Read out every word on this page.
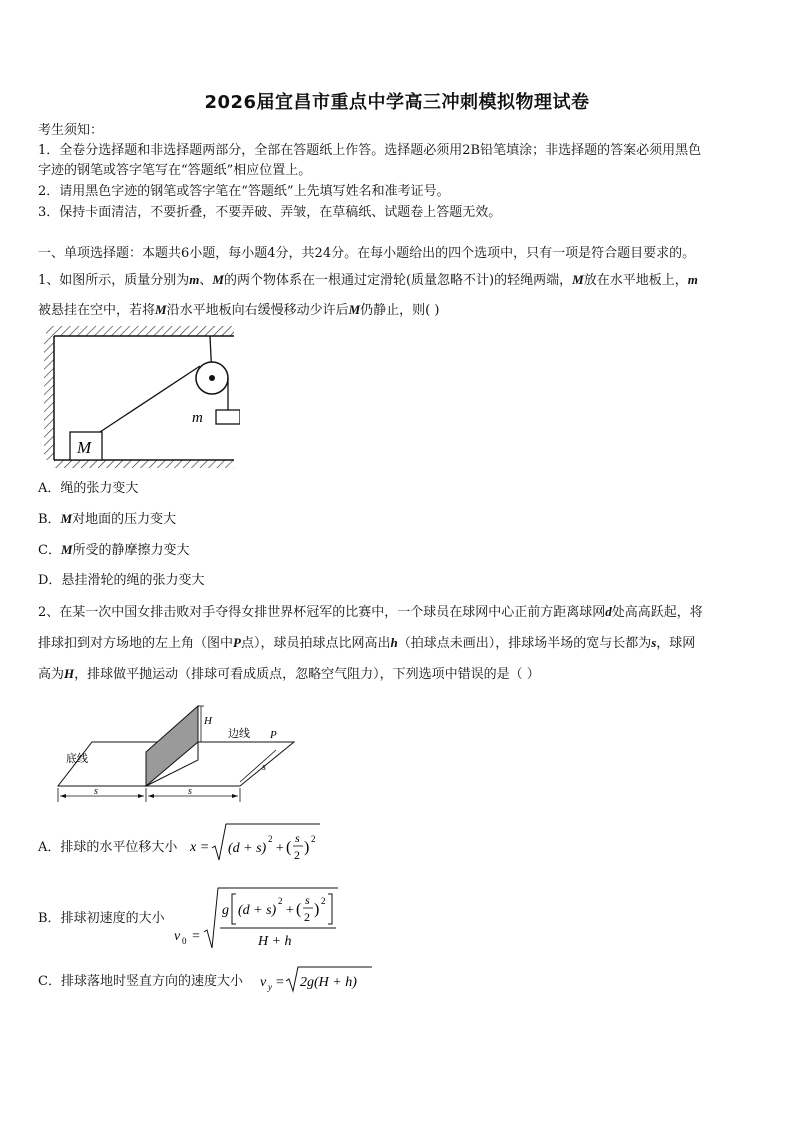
2026届宜昌市重点中学高三冲刺模拟物理试卷
考生须知：
1．全卷分选择题和非选择题两部分，全部在答题纸上作答。选择题必须用2B铅笔填涂；非选择题的答案必须用黑色
字迹的钢笔或答字笔写在“答题纸”相应位置上。
2．请用黑色字迹的钢笔或答字笔在“答题纸”上先填写姓名和准考证号。
3．保持卡面清洁，不要折叠，不要弄破、弄皱，在草稿纸、试题卷上答题无效。
一、单项选择题：本题共6小题，每小题4分，共24分。在每小题给出的四个选项中，只有一项是符合题目要求的。
1、如图所示，质量分别为m、M的两个物体系在一根通过定滑轮(质量忽略不计)的轻绳两端，M放在水平地板上，m
被悬挂在空中，若将M沿水平地板向右缓慢移动少许后M仍静止，则( )
m
M
A．绳的张力变大
B．M对地面的压力变大
C．M所受的静摩擦力变大
D．悬挂滑轮的绳的张力变大
2、在某一次中国女排击败对手夺得女排世界杯冠军的比赛中，一个球员在球网中心正前方距离球网d处高高跃起，将
排球扣到对方场地的左上角（图中P点），球员拍球点比网高出h（拍球点未画出），排球场半场的宽与长都为s，球网
高为H，排球做平抛运动（排球可看成质点，忽略空气阻力），下列选项中错误的是（ ）
H
边线 P
底线
s
s	s
A．排球的水平位移大小 x = (d + s)
2
+ (
s
2 ) 2
B．排球初速度的大小
v 0 =
g (d + s)
2
+ (
s
2 ) 2
H + h
C．排球落地时竖直方向的速度大小 v y = 2g(H + h)
